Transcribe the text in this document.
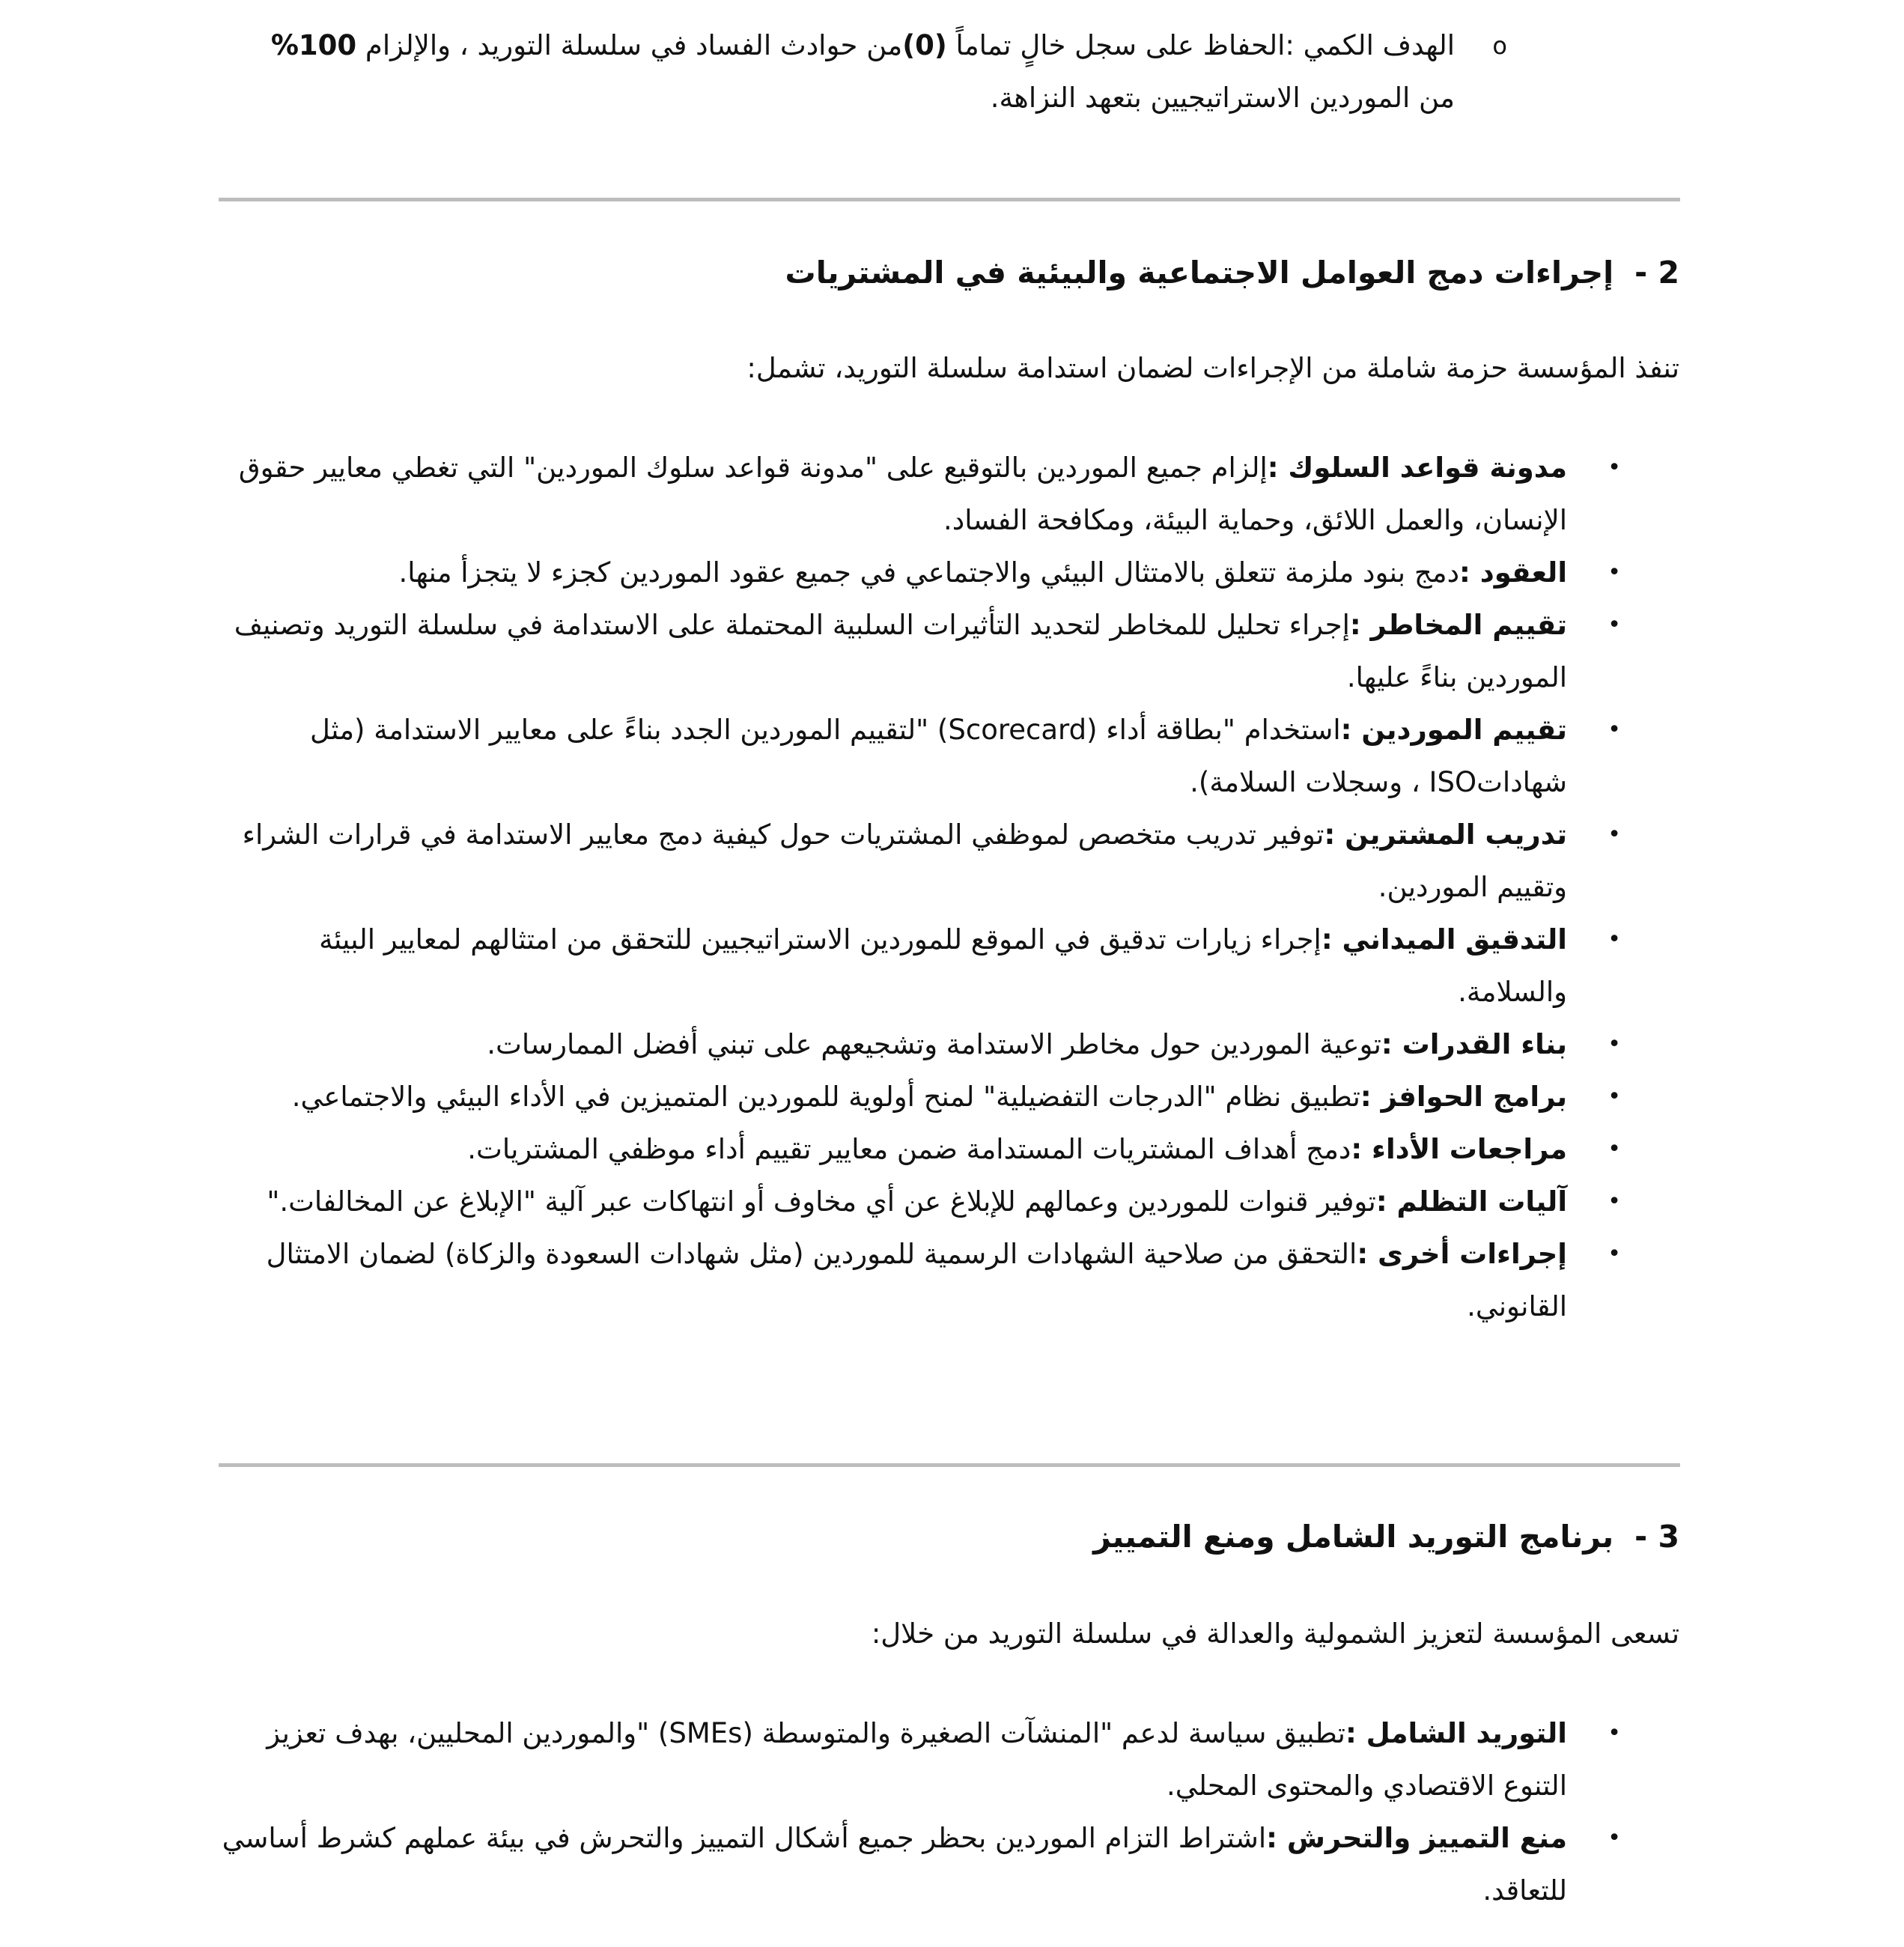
o
الهدف الكمي :الحفاظ على سجل خالٍ تماماً (0)من حوادث الفساد في سلسلة التوريد ، والإلزام 100% من الموردين الاستراتيجيين بتعهد النزاهة.
2 -إجراءات دمج العوامل الاجتماعية والبيئية في المشتريات
تنفذ المؤسسة حزمة شاملة من الإجراءات لضمان استدامة سلسلة التوريد، تشمل:
•
مدونة قواعد السلوك :إلزام جميع الموردين بالتوقيع على "مدونة قواعد سلوك الموردين" التي تغطي معايير حقوق الإنسان، والعمل اللائق، وحماية البيئة، ومكافحة الفساد.
•
العقود :دمج بنود ملزمة تتعلق بالامتثال البيئي والاجتماعي في جميع عقود الموردين كجزء لا يتجزأ منها.
•
تقييم المخاطر :إجراء تحليل للمخاطر لتحديد التأثيرات السلبية المحتملة على الاستدامة في سلسلة التوريد وتصنيف الموردين بناءً عليها.
•
تقييم الموردين :استخدام "بطاقة أداء (Scorecard) "لتقييم الموردين الجدد بناءً على معايير الاستدامة (مثل شهاداتISO ، وسجلات السلامة).
•
تدريب المشترين :توفير تدريب متخصص لموظفي المشتريات حول كيفية دمج معايير الاستدامة في قرارات الشراء وتقييم الموردين.
•
التدقيق الميداني :إجراء زيارات تدقيق في الموقع للموردين الاستراتيجيين للتحقق من امتثالهم لمعايير البيئة والسلامة.
•
بناء القدرات :توعية الموردين حول مخاطر الاستدامة وتشجيعهم على تبني أفضل الممارسات.
•
برامج الحوافز :تطبيق نظام "الدرجات التفضيلية" لمنح أولوية للموردين المتميزين في الأداء البيئي والاجتماعي.
•
مراجعات الأداء :دمج أهداف المشتريات المستدامة ضمن معايير تقييم أداء موظفي المشتريات.
•
آليات التظلم :توفير قنوات للموردين وعمالهم للإبلاغ عن أي مخاوف أو انتهاكات عبر آلية "الإبلاغ عن المخالفات."
•
إجراءات أخرى :التحقق من صلاحية الشهادات الرسمية للموردين (مثل شهادات السعودة والزكاة) لضمان الامتثال القانوني.
3 -برنامج التوريد الشامل ومنع التمييز
تسعى المؤسسة لتعزيز الشمولية والعدالة في سلسلة التوريد من خلال:
•
التوريد الشامل :تطبيق سياسة لدعم "المنشآت الصغيرة والمتوسطة (SMEs) "والموردين المحليين، بهدف تعزيز التنوع الاقتصادي والمحتوى المحلي.
•
منع التمييز والتحرش :اشتراط التزام الموردين بحظر جميع أشكال التمييز والتحرش في بيئة عملهم كشرط أساسي للتعاقد.
